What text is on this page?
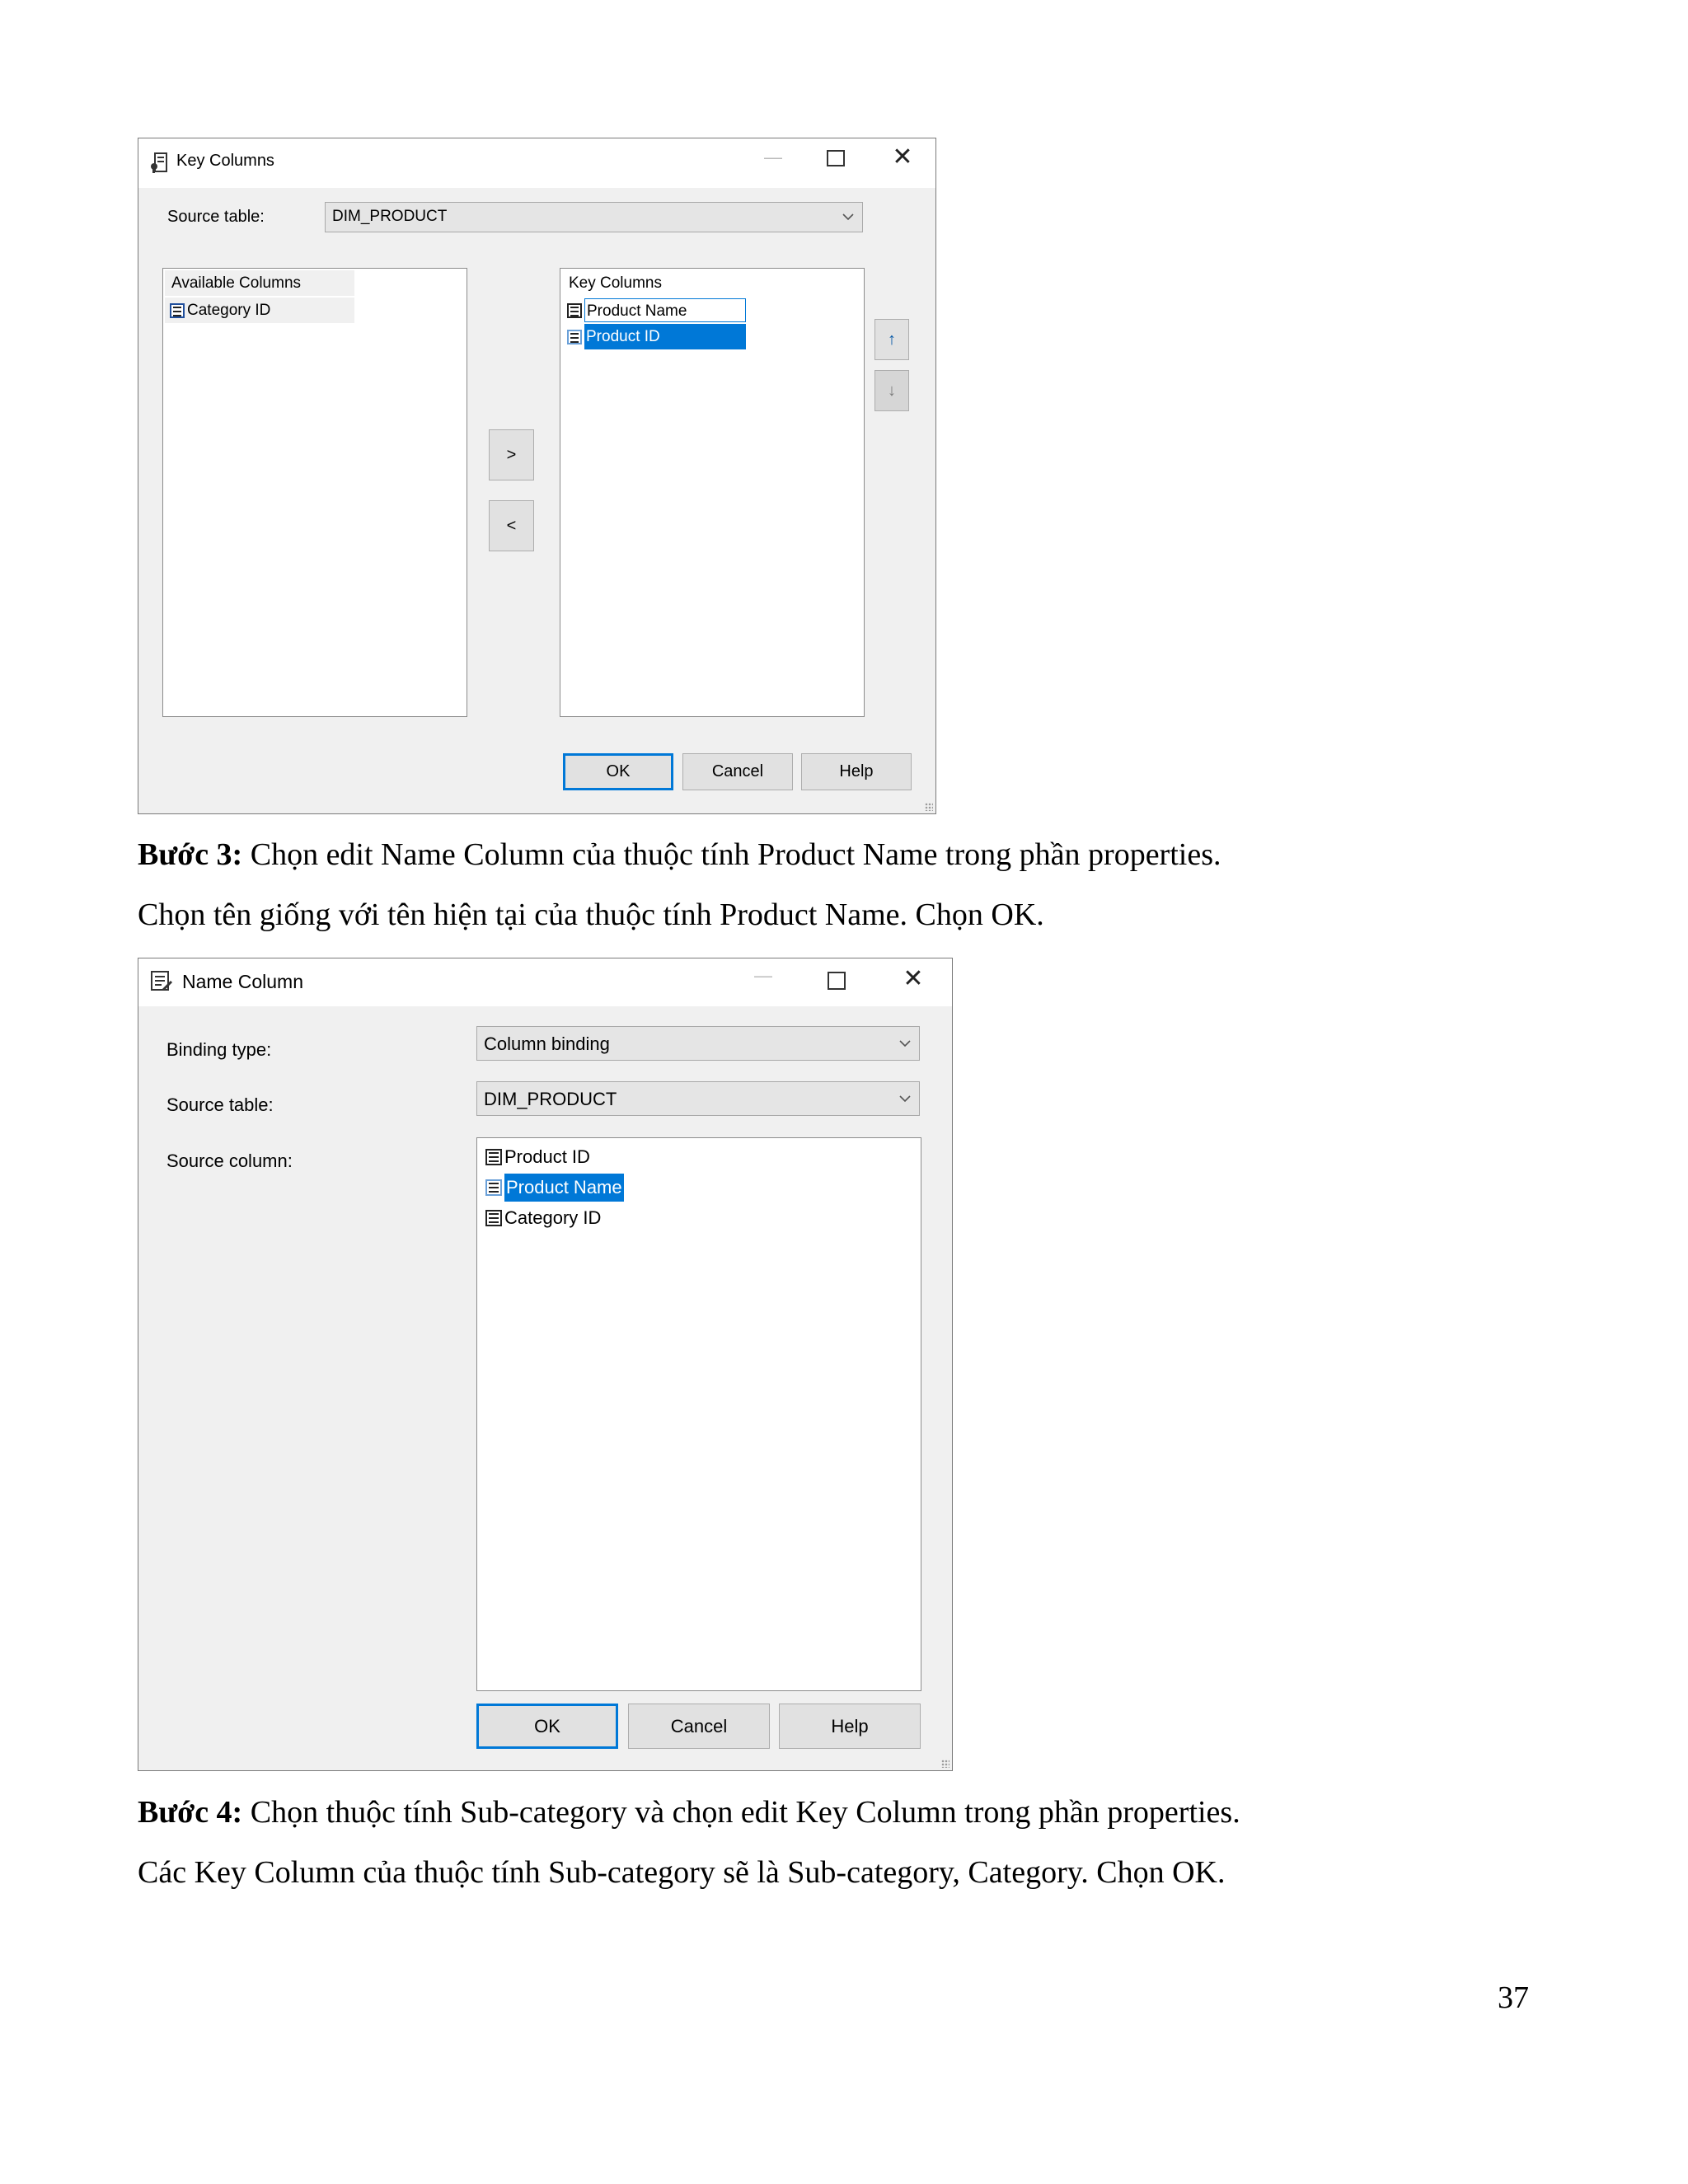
Key Columns	—	✕
Source table:	DIM_PRODUCT
Available Columns
Category ID
>
<
Key Columns
Product Name
Product ID	↑
↓
OK	Cancel	Help
Bước 3: Chọn edit Name Column của thuộc tính Product Name trong phần properties.
Chọn tên giống với tên hiện tại của thuộc tính Product Name. Chọn OK.
Name Column	—	✕
Binding type:	Column binding
Source table:	DIM_PRODUCT
Source column:	Product ID
Product Name
Category ID
OK	Cancel	Help
Bước 4: Chọn thuộc tính Sub-category và chọn edit Key Column trong phần properties.
Các Key Column của thuộc tính Sub-category sẽ là Sub-category, Category. Chọn OK.
37
